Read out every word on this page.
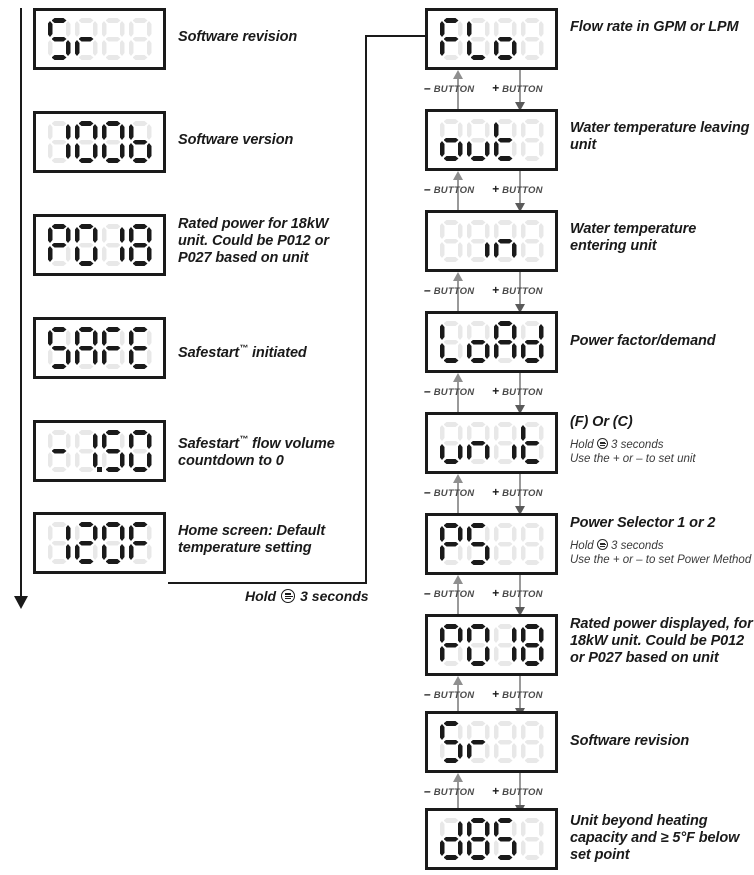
Software revision
Software version
Rated power for 18kW unit. Could be P012 or P027 based on unit
Safestart™ initiated
Safestart™ flow volume countdown to 0
Home screen: Default temperature setting
Hold 3 seconds
Flow rate in GPM or LPM
– BUTTON + BUTTON
Water temperature leaving unit
– BUTTON + BUTTON
Water temperature entering unit
– BUTTON + BUTTON
Power factor/demand
– BUTTON + BUTTON
(F) Or (C)
Hold
3 seconds
Use the + or – to set unit
– BUTTON + BUTTON
Power Selector 1 or 2
Hold
3 seconds
Use the + or – to set Power Method
– BUTTON + BUTTON
Rated power displayed, for 18kW unit. Could be P012 or P027 based on unit
– BUTTON + BUTTON
Software revision
– BUTTON + BUTTON
Unit beyond heating capacity and ≥ 5°F below set point
